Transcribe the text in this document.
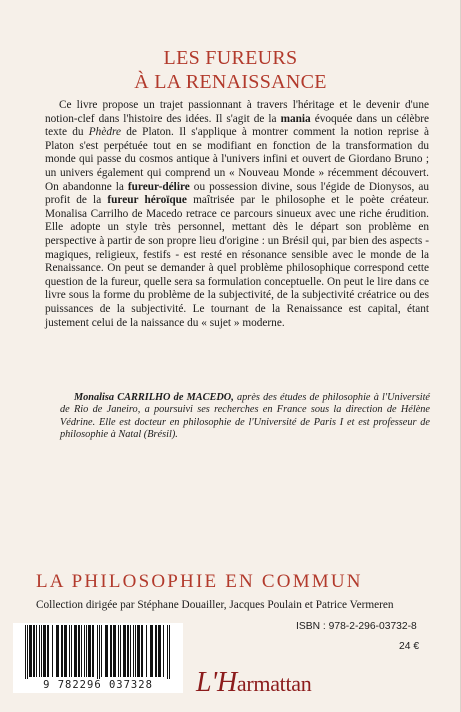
LES FUREURS
À LA RENAISSANCE

Ce livre propose un trajet passionnant à travers l'héritage et le devenir d'une notion-clef dans l'histoire des idées. Il s'agit de la mania évoquée dans un célèbre texte du Phèdre de Platon. Il s'applique à montrer comment la notion reprise à Platon s'est perpétuée tout en se modifiant en fonction de la transformation du monde qui passe du cosmos antique à l'univers infini et ouvert de Giordano Bruno ; un univers également qui comprend un « Nouveau Monde » récemment découvert. On abandonne la fureur-délire ou possession divine, sous l'égide de Dionysos, au profit de la fureur héroïque maîtrisée par le philosophe et le poète créateur. Monalisa Carrilho de Macedo retrace ce parcours sinueux avec une riche érudition. Elle adopte un style très personnel, mettant dès le départ son problème en perspective à partir de son propre lieu d'origine : un Brésil qui, par bien des aspects - magiques, religieux, festifs - est resté en résonance sensible avec le monde de la Renaissance. On peut se demander à quel problème philosophique correspond cette question de la fureur, quelle sera sa formulation conceptuelle. On peut le lire dans ce livre sous la forme du problème de la subjectivité, de la subjectivité créatrice ou des puissances de la subjectivité. Le tournant de la Renaissance est capital, étant justement celui de la naissance du « sujet » moderne.

Monalisa CARRILHO de MACEDO, après des études de philosophie à l'Université de Rio de Janeiro, a poursuivi ses recherches en France sous la direction de Hélène Védrine. Elle est docteur en philosophie de l'Université de Paris I et est professeur de philosophie à Natal (Brésil).

LA PHILOSOPHIE EN COMMUN
Collection dirigée par Stéphane Douailler, Jacques Poulain et Patrice Vermeren
9 782296 037328	L'Harmattan
ISBN : 978-2-296-03732-8
24 €
